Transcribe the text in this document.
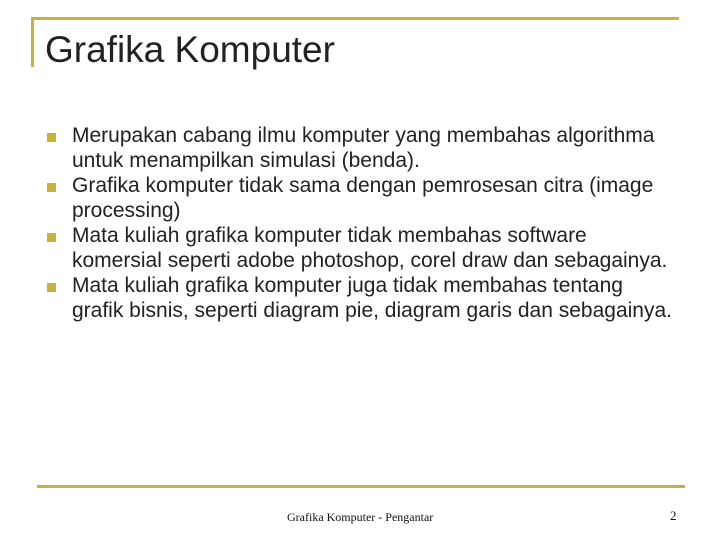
Grafika Komputer
Merupakan cabang ilmu komputer yang membahas algorithma untuk menampilkan simulasi (benda).
Grafika komputer tidak sama dengan pemrosesan citra (image processing)
Mata kuliah grafika komputer tidak membahas software komersial seperti adobe photoshop, corel draw dan sebagainya.
Mata kuliah grafika komputer juga tidak membahas tentang grafik bisnis, seperti diagram pie, diagram garis dan sebagainya.
Grafika Komputer - Pengantar	2
